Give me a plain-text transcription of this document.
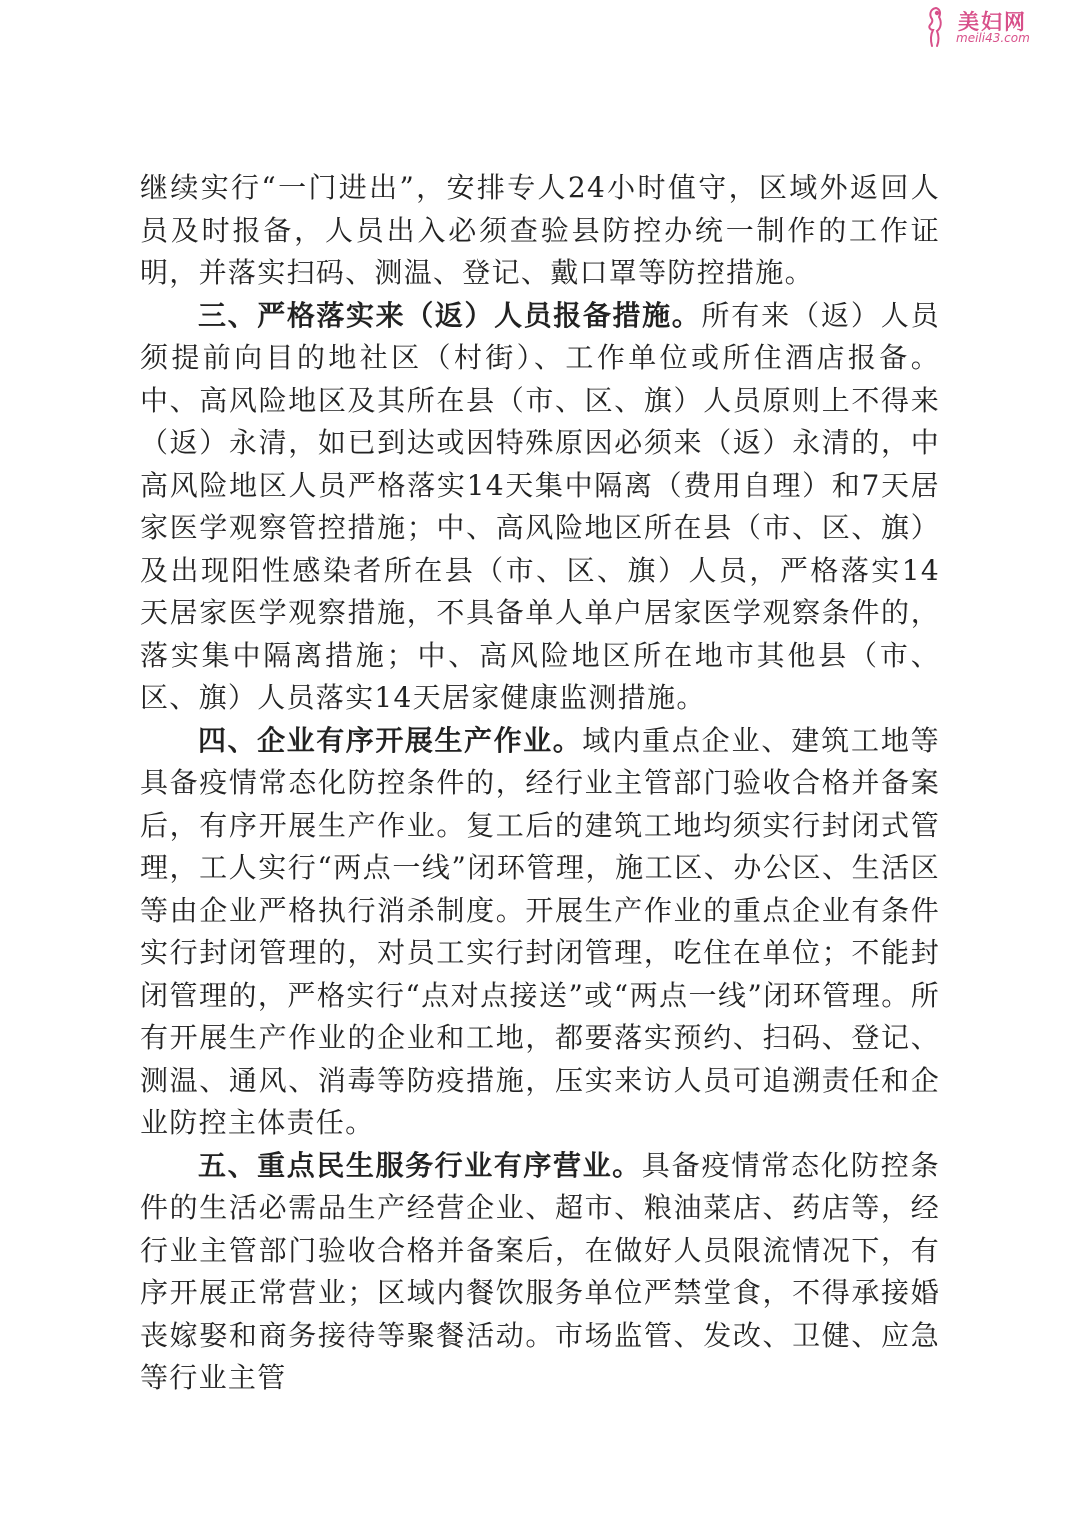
美妇网
meili43.com

继续实行“一门进出”，安排专人24小时值守，区域外返回人员及时报备，人员出入必须查验县防控办统一制作的工作证明，并落实扫码、测温、登记、戴口罩等防控措施。

三、严格落实来（返）人员报备措施。所有来（返）人员须提前向目的地社区（村街）、工作单位或所住酒店报备。中、高风险地区及其所在县（市、区、旗）人员原则上不得来（返）永清，如已到达或因特殊原因必须来（返）永清的，中高风险地区人员严格落实14天集中隔离（费用自理）和7天居家医学观察管控措施；中、高风险地区所在县（市、区、旗）及出现阳性感染者所在县（市、区、旗）人员，严格落实14天居家医学观察措施，不具备单人单户居家医学观察条件的，落实集中隔离措施；中、高风险地区所在地市其他县（市、区、旗）人员落实14天居家健康监测措施。

四、企业有序开展生产作业。域内重点企业、建筑工地等具备疫情常态化防控条件的，经行业主管部门验收合格并备案后，有序开展生产作业。复工后的建筑工地均须实行封闭式管理，工人实行“两点一线”闭环管理，施工区、办公区、生活区等由企业严格执行消杀制度。开展生产作业的重点企业有条件实行封闭管理的，对员工实行封闭管理，吃住在单位；不能封闭管理的，严格实行“点对点接送”或“两点一线”闭环管理。所有开展生产作业的企业和工地，都要落实预约、扫码、登记、测温、通风、消毒等防疫措施，压实来访人员可追溯责任和企业防控主体责任。

五、重点民生服务行业有序营业。具备疫情常态化防控条件的生活必需品生产经营企业、超市、粮油菜店、药店等，经行业主管部门验收合格并备案后，在做好人员限流情况下，有序开展正常营业；区域内餐饮服务单位严禁堂食，不得承接婚丧嫁娶和商务接待等聚餐活动。市场监管、发改、卫健、应急等行业主管
